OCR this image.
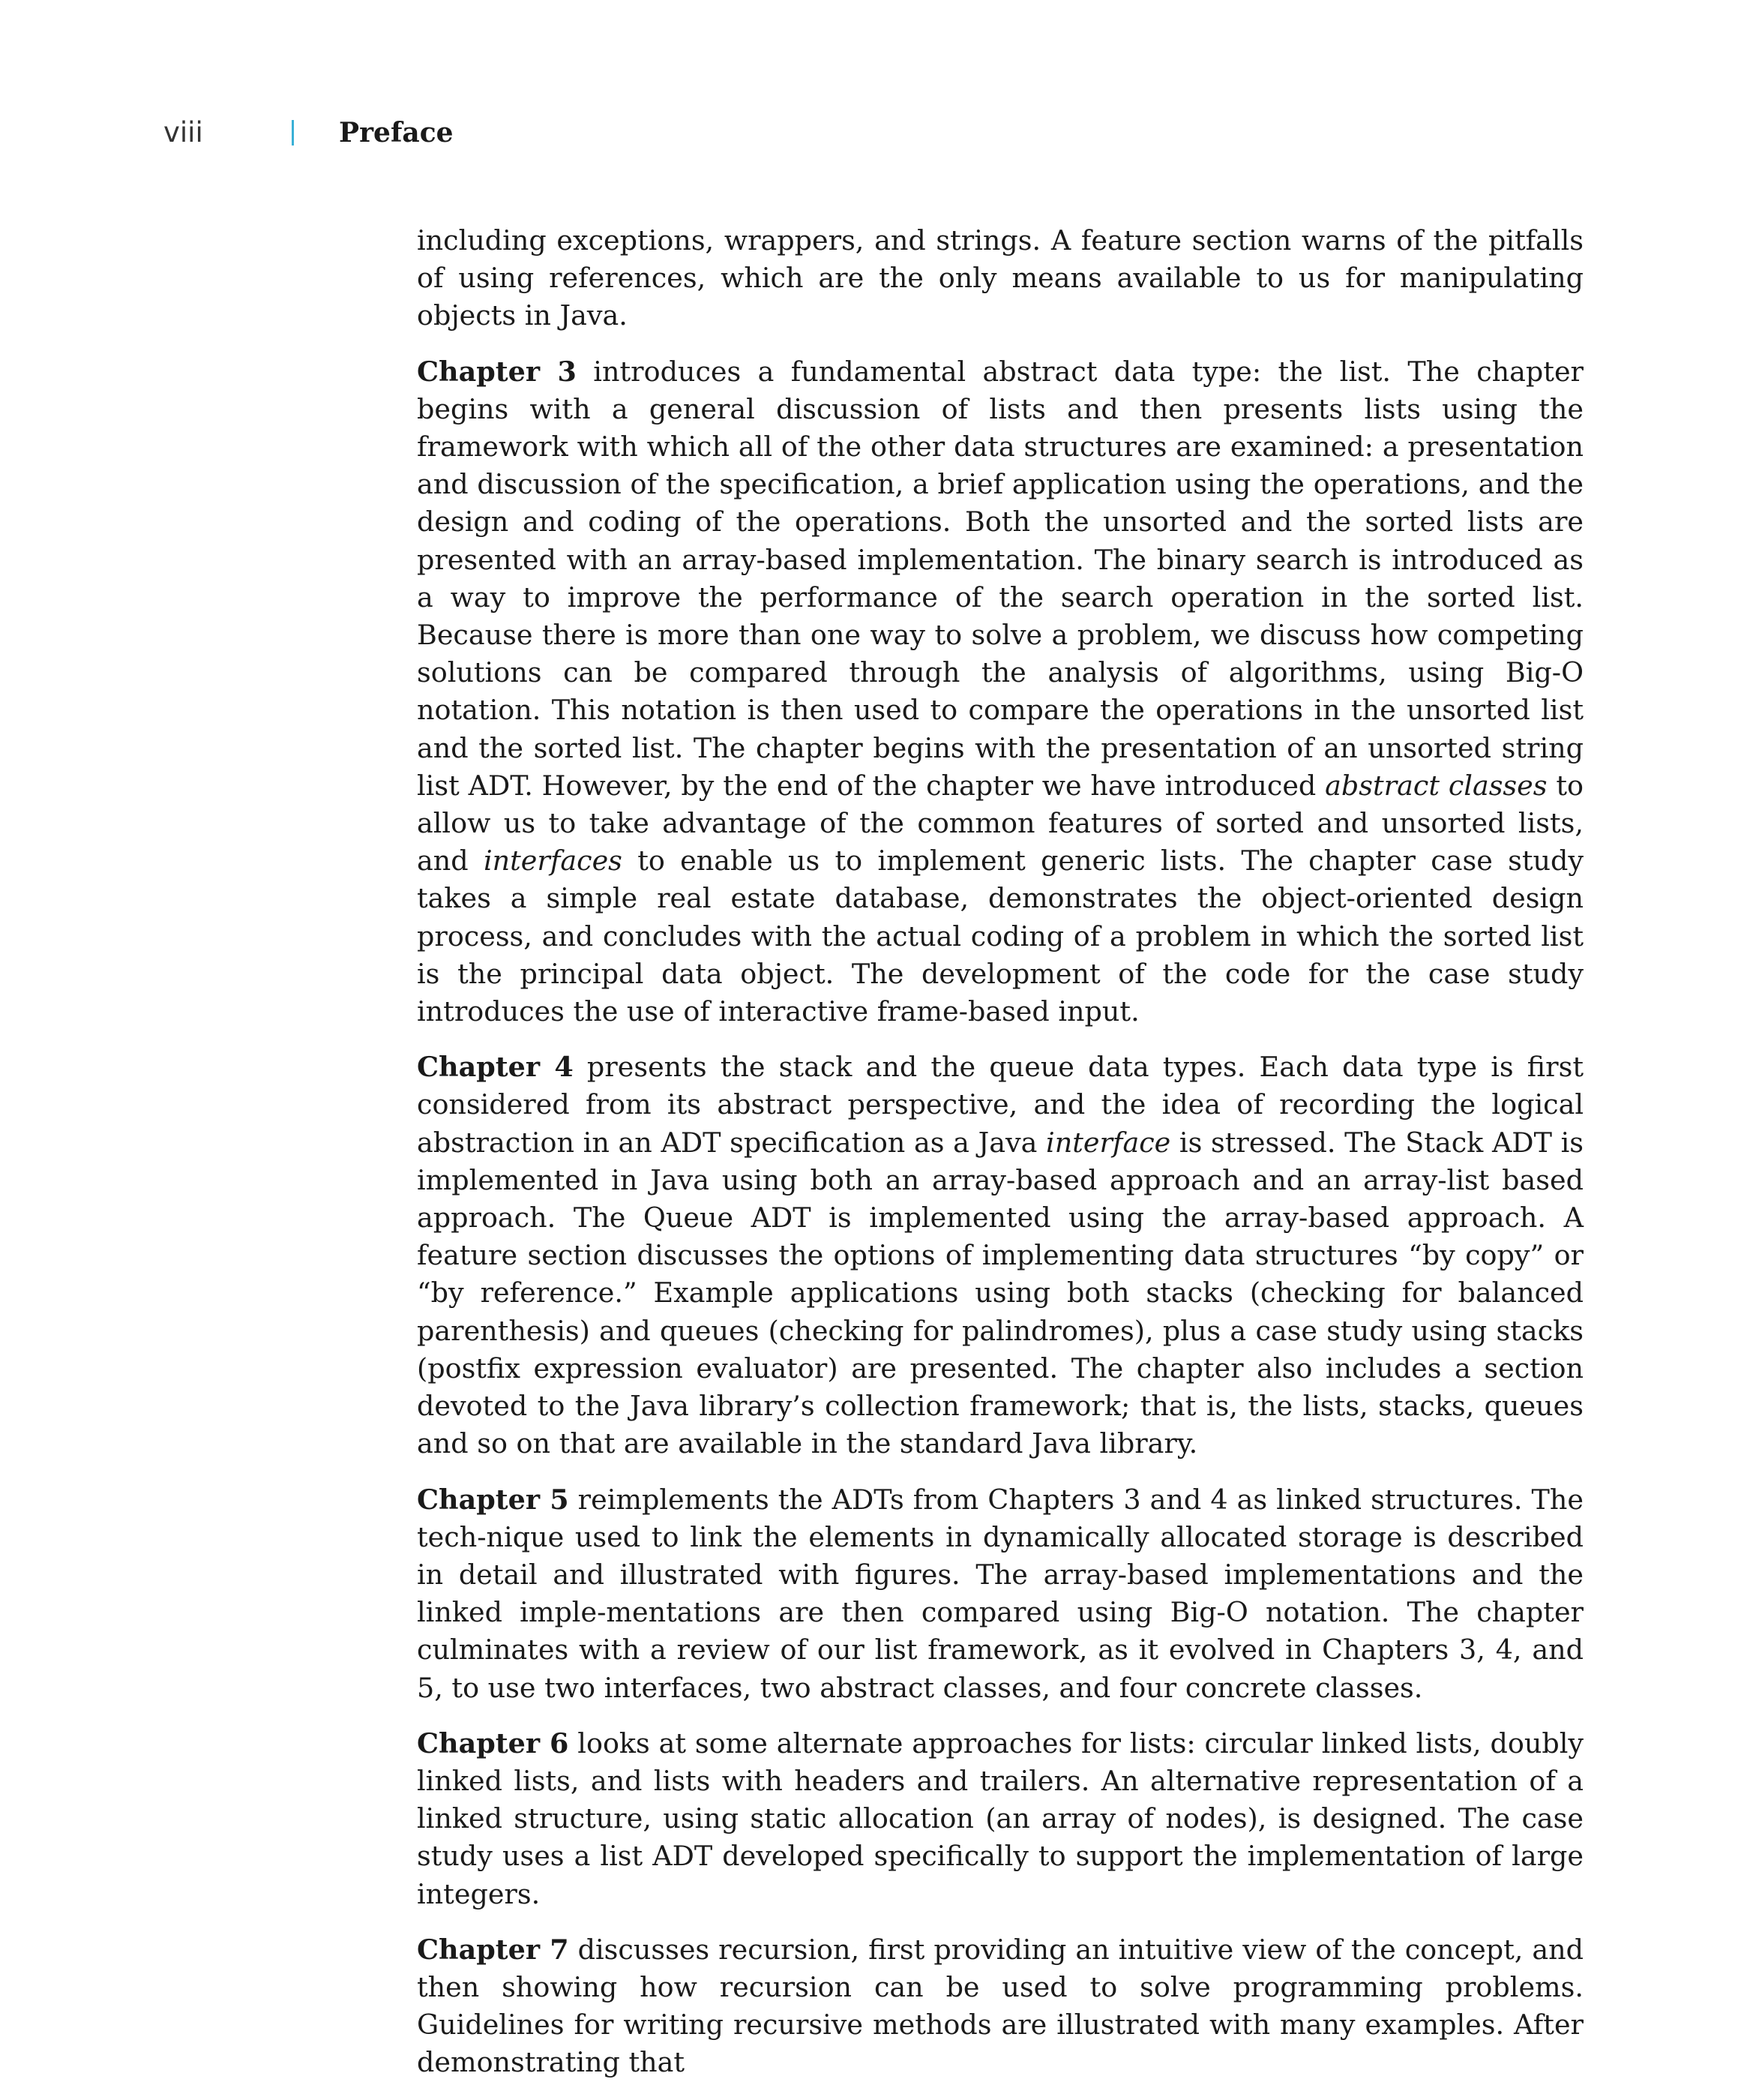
viii	Preface

including exceptions, wrappers, and strings. A feature section warns of the pitfalls of using references, which are the only means available to us for manipulating objects in Java.

Chapter 3 introduces a fundamental abstract data type: the list. The chapter begins with a general discussion of lists and then presents lists using the framework with which all of the other data structures are examined: a presentation and discussion of the specification, a brief application using the operations, and the design and coding of the operations. Both the unsorted and the sorted lists are presented with an array-based implementation. The binary search is introduced as a way to improve the performance of the search operation in the sorted list. Because there is more than one way to solve a problem, we discuss how competing solutions can be compared through the analysis of algorithms, using Big-O notation. This notation is then used to compare the operations in the unsorted list and the sorted list. The chapter begins with the presentation of an unsorted string list ADT. However, by the end of the chapter we have introduced abstract classes to allow us to take advantage of the common features of sorted and unsorted lists, and interfaces to enable us to implement generic lists. The chapter case study takes a simple real estate database, demonstrates the object-oriented design process, and concludes with the actual coding of a problem in which the sorted list is the principal data object. The development of the code for the case study introduces the use of interactive frame-based input.

Chapter 4 presents the stack and the queue data types. Each data type is first considered from its abstract perspective, and the idea of recording the logical abstraction in an ADT specification as a Java interface is stressed. The Stack ADT is implemented in Java using both an array-based approach and an array-list based approach. The Queue ADT is implemented using the array-based approach. A feature section discusses the options of implementing data structures “by copy” or “by reference.” Example applications using both stacks (checking for balanced parenthesis) and queues (checking for palindromes), plus a case study using stacks (postfix expression evaluator) are presented. The chapter also includes a section devoted to the Java library’s collection framework; that is, the lists, stacks, queues and so on that are available in the standard Java library.

Chapter 5 reimplements the ADTs from Chapters 3 and 4 as linked structures. The tech-nique used to link the elements in dynamically allocated storage is described in detail and illustrated with figures. The array-based implementations and the linked imple-mentations are then compared using Big-O notation. The chapter culminates with a review of our list framework, as it evolved in Chapters 3, 4, and 5, to use two interfaces, two abstract classes, and four concrete classes.

Chapter 6 looks at some alternate approaches for lists: circular linked lists, doubly linked lists, and lists with headers and trailers. An alternative representation of a linked structure, using static allocation (an array of nodes), is designed. The case study uses a list ADT developed specifically to support the implementation of large integers.

Chapter 7 discusses recursion, first providing an intuitive view of the concept, and then showing how recursion can be used to solve programming problems. Guidelines for writing recursive methods are illustrated with many examples. After demonstrating that
